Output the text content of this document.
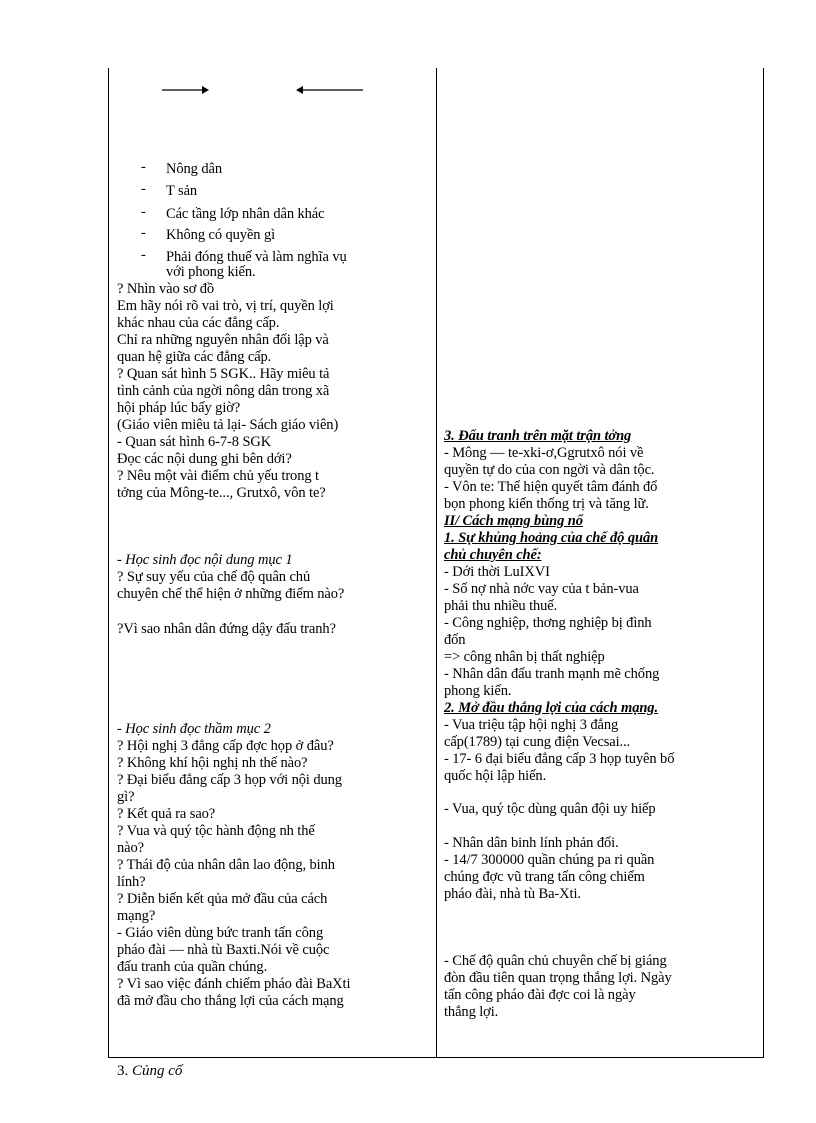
- Nông dân
- T sản
- Các tầng lớp nhân dân khác
- Không có quyền gì
- Phải đóng thuế và làm nghĩa vụ
với phong kiến.
? Nhìn vào sơ đồ
Em hãy nói rõ vai trò, vị trí, quyền lợi
khác nhau của các đẳng cấp.
Chỉ ra những nguyên nhân đối lập và
quan hệ giữa các đẳng cấp.
? Quan sát hình 5 SGK.. Hãy miêu tả
tình cảnh của ngời nông dân trong xã
hội pháp lúc bấy giờ?
(Giáo viên miêu tả lại- Sách giáo viên)
- Quan sát hình 6-7-8 SGK
Đọc các nội dung ghi bên dới?
? Nêu một vài điểm chủ yếu trong t
tởng của Mông-te..., Grutxô, vôn te?
- Học sinh đọc nội dung mục 1
? Sự suy yếu của chế độ quân chủ
chuyên chế thể hiện ở những điểm nào?
?Vì sao nhân dân đứng dậy đấu tranh?
- Học sinh đọc thầm mục 2
? Hội nghị 3 đẳng cấp đợc họp ở đâu?
? Không khí hội nghị nh thế nào?
? Đại biểu đẳng cấp 3 họp với nội dung
gì?
? Kết quả ra sao?
? Vua và quý tộc hành động nh thế
nào?
? Thái độ của nhân dân lao động, binh
lính?
? Diễn biến kết qủa mở đầu của cách
mạng?
- Giáo viên dùng bức tranh tấn công
pháo đài — nhà tù Baxti.Nói về cuộc
đấu tranh của quần chúng.
? Vì sao việc đánh chiếm pháo đài BaXti
đã mở đầu cho thắng lợi của cách mạng
3. Đấu tranh trên mặt trận tởng
- Mông — te-xki-ơ,Ggrutxô nói về
quyền tự do của con ngời và dân tộc.
- Vôn te: Thể hiện quyết tâm đánh đổ
bọn phong kiến thống trị và tăng lữ.
II/ Cách mạng bùng nổ
1. Sự khủng hoảng của chế độ quân
chủ chuyên chế:
- Dới thời LuIXVI
- Số nợ nhà nớc vay của t bản-vua
phải thu nhiều thuế.
- Công nghiệp, thơng nghiệp bị đình
đốn
=> công nhân bị thất nghiệp
- Nhân dân đấu tranh mạnh mẽ chống
phong kiến.
2. Mở đầu thắng lợi của cách mạng.
- Vua triệu tập hội nghị 3 đẳng
cấp(1789) tại cung điện Vecsai...
- 17- 6 đại biểu đẳng cấp 3 họp tuyên bố
quốc hội lập hiến.
- Vua, quý tộc dùng quân đội uy hiếp
- Nhân dân binh lính phản đối.
- 14/7 300000 quần chúng pa ri quần
chúng đợc vũ trang tấn công chiếm
pháo đài, nhà tù Ba-Xti.
- Chế độ quân chủ chuyên chế bị giáng
đòn đầu tiên quan trọng thắng lợi. Ngày
tấn công pháo đài đợc coi là ngày
thắng lợi.
3. Củng cố
